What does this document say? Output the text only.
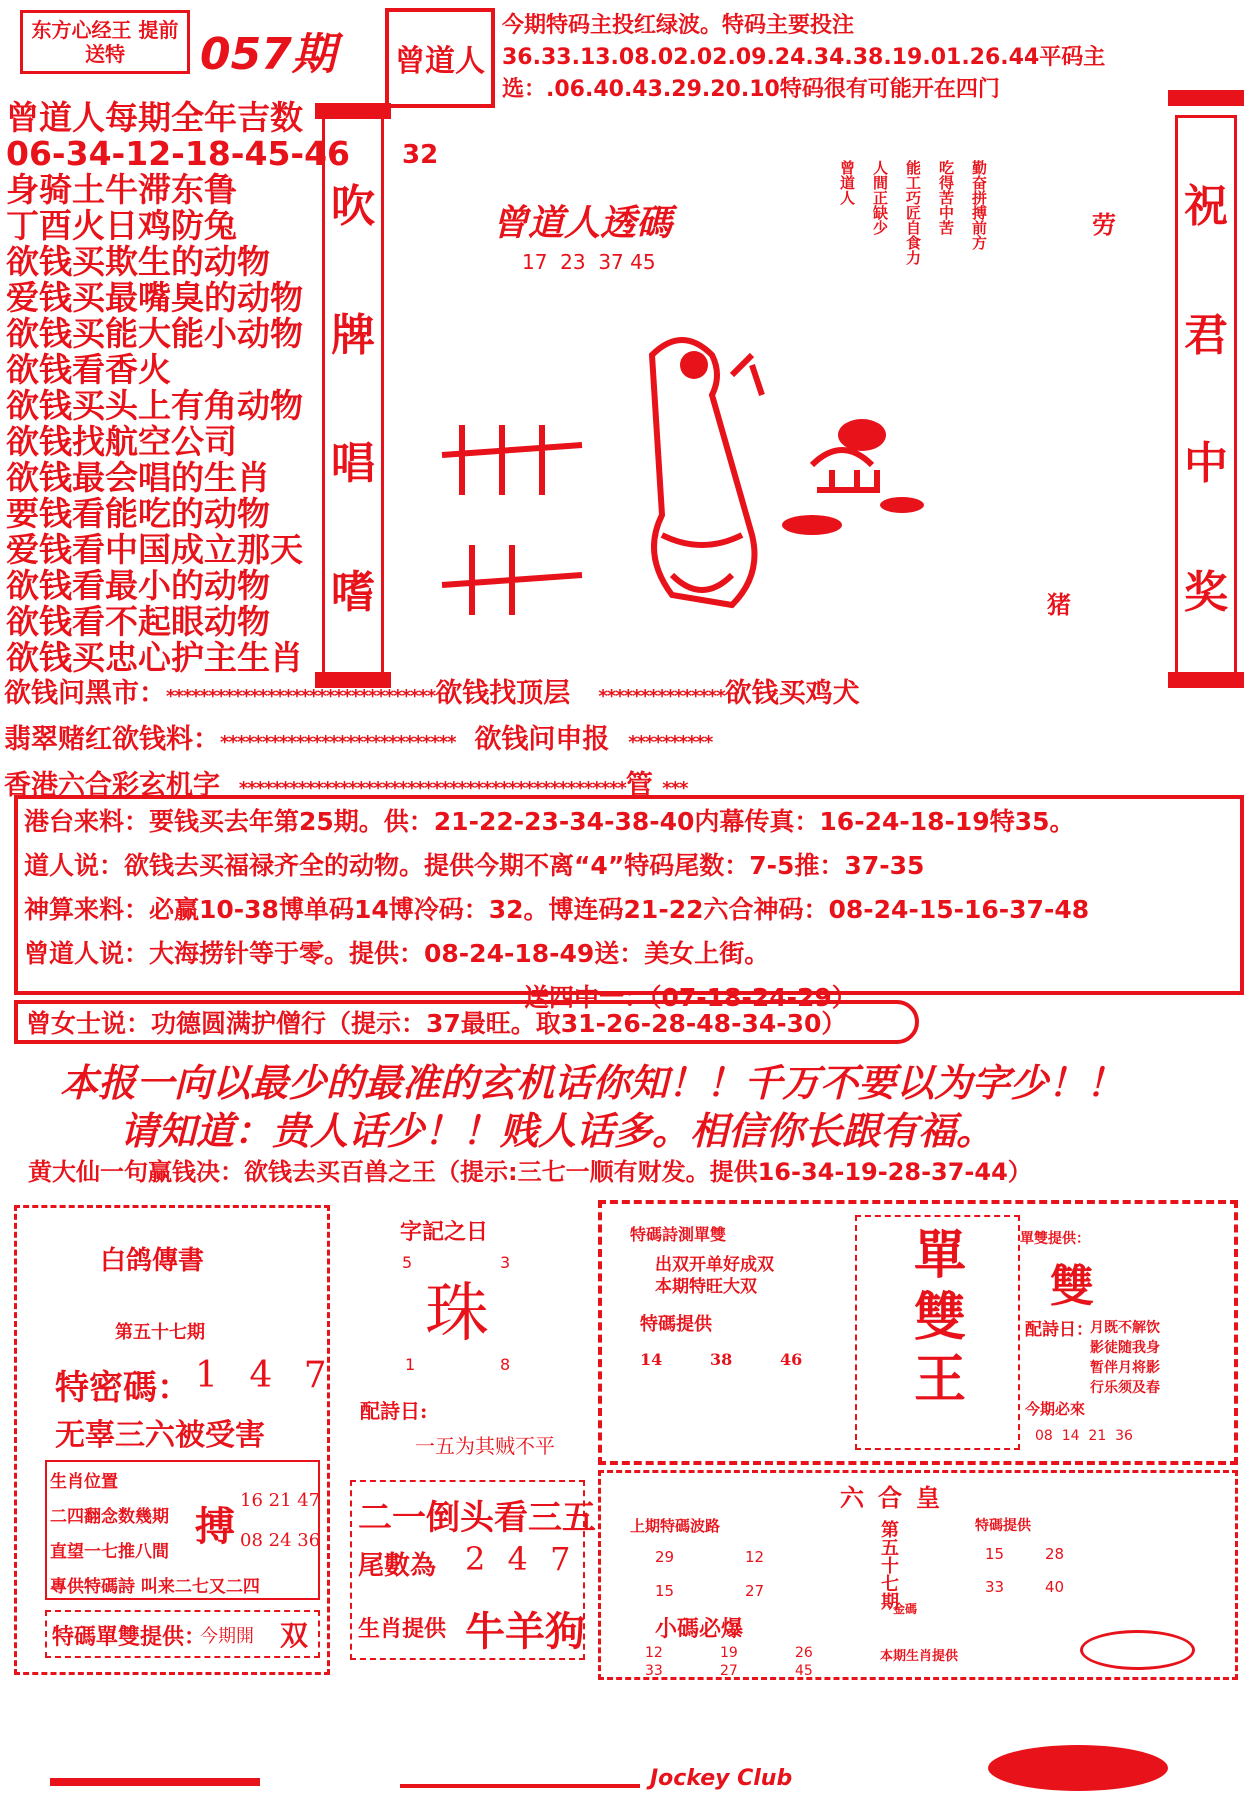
东方心经王 提前送特	057期	曾道人
今期特码主投红绿波。特码主要投注36.33.13.08.02.02.09.24.34.38.19.01.26.44平码主选：.06.40.43.29.20.10特码很有可能开在四门
曾道人每期全年吉数
06-34-12-18-45-46
身骑土牛滞东鲁
丁酉火日鸡防兔
欲钱买欺生的动物
爱钱买最嘴臭的动物
欲钱买能大能小动物
欲钱看香火
欲钱买头上有角动物
欲钱找航空公司
欲钱最会唱的生肖
要钱看能吃的动物
爱钱看中国成立那天
欲钱看最小的动物
欲钱看不起眼动物
欲钱买忠心护主生肖
吹
牌
唱
嗜
32
曾道人透碼
17  23  37 45
曾道人 人間正缺少 能工巧匠自食力 吃得苦中苦 勤奋拼搏前方	劳
猪
祝
君
中
奖
欲钱问黑市：********************************欲钱找顶层 ***************欲钱买鸡犬
翡翠赌红欲钱料：**************************** 欲钱问申报 **********
香港六合彩玄机字 **********************************************管 ***
港台来料：要钱买去年第25期。供：21-22-23-34-38-40内幕传真：16-24-18-19特35。
道人说：欲钱去买福禄齐全的动物。提供今期不离“4”特码尾数：7-5推：37-35
神算来料：必赢10-38博单码14博冷码：32。博连码21-22六合神码：08-24-15-16-37-48
曾道人说：大海捞针等于零。提供：08-24-18-49送：美女上街。
送四中一：（07-18-24-29）
曾女士说：功德圆满护僧行（提示：37最旺。取31-26-28-48-34-30）
本报一向以最少的最准的玄机话你知！！千万不要以为字少！！
请知道：贵人话少！！贱人话多。相信你长跟有福。
黄大仙一句赢钱决：欲钱去买百兽之王（提示:三七一顺有财发。提供16-34-19-28-37-44）
白鸽傳書
第五十七期
特密碼： 1 4 7
无辜三六被受害
生肖位置
二四翻念数幾期
直望一七推八間
專供特碼詩 叫来二七又二四
搏
16 21 47
08 24 36
特碼單雙提供：
今期開 双
字記之日
5	3
珠
1	8
配詩日:
一五为其贼不平
二一倒头看三五
尾數為 2 4 7
生肖提供 牛羊狗
特碼詩測單雙
出双开单好成双
本期特旺大双
特碼提供
14	38	46
單
雙
王
單雙提供：
雙
配詩日：
月既不解饮
影徒随我身
暂伴月将影
行乐须及春
今期必來
08  14  21  36
六合皇
上期特碼波路
29	12
15	27	第五十七期
金碼
特碼提供
15	28
33	40
小碼必爆
12	19	26
33	27	45
本期生肖提供
Jockey Club
